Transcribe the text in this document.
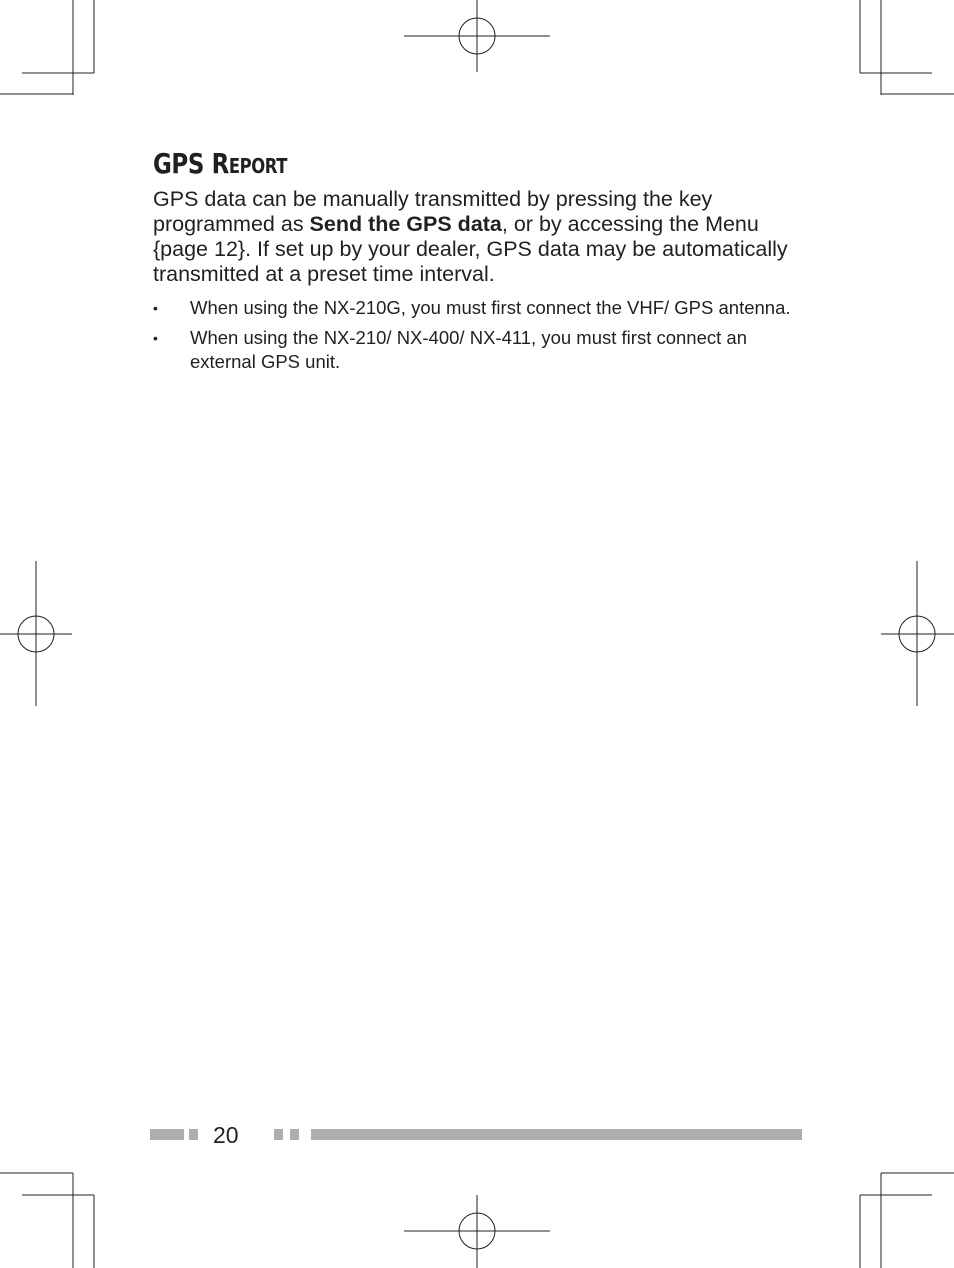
GPS REPORT

GPS data can be manually transmitted by pressing the key programmed as Send the GPS data, or by accessing the Menu {page 12}. If set up by your dealer, GPS data may be automatically transmitted at a preset time interval.

• When using the NX-210G, you must first connect the VHF/ GPS antenna.
• When using the NX-210/ NX-400/ NX-411, you must first connect an external GPS unit.
20
